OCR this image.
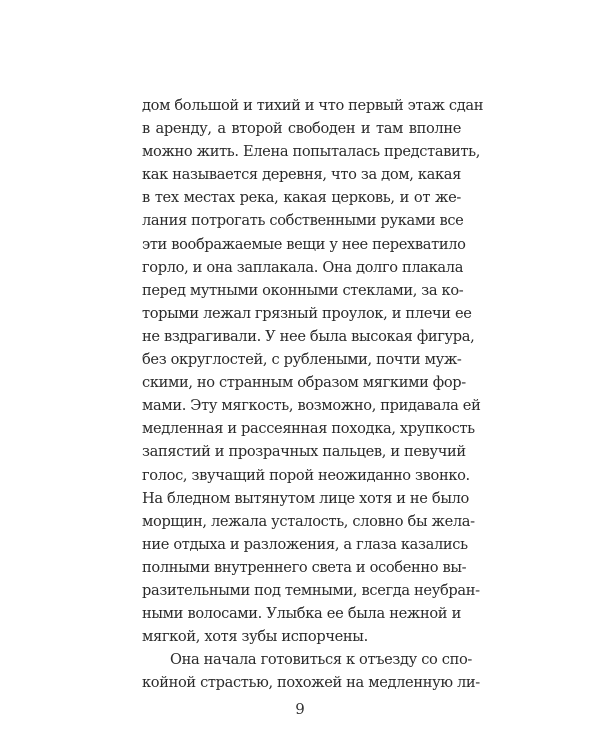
дом большой и тихий и что первый этаж сдан
в аренду, а второй свободен и там вполне
можно жить. Елена попыталась представить,
как называется деревня, что за дом, какая
в тех местах река, какая церковь, и от же-
лания потрогать собственными руками все
эти воображаемые вещи у нее перехватило
горло, и она заплакала. Она долго плакала
перед мутными оконными стеклами, за ко-
торыми лежал грязный проулок, и плечи ее
не вздрагивали. У нее была высокая фигура,
без округлостей, с рублеными, почти муж-
скими, но странным образом мягкими фор-
мами. Эту мягкость, возможно, придавала ей
медленная и рассеянная походка, хрупкость
запястий и прозрачных пальцев, и певучий
голос, звучащий порой неожиданно звонко.
На бледном вытянутом лице хотя и не было
морщин, лежала усталость, словно бы жела-
ние отдыха и разложения, а глаза казались
полными внутреннего света и особенно вы-
разительными под темными, всегда неубран-
ными волосами. Улыбка ее была нежной и
мягкой, хотя зубы испорчены.
Она начала готовиться к отъезду со спо-
койной страстью, похожей на медленную ли-
9
